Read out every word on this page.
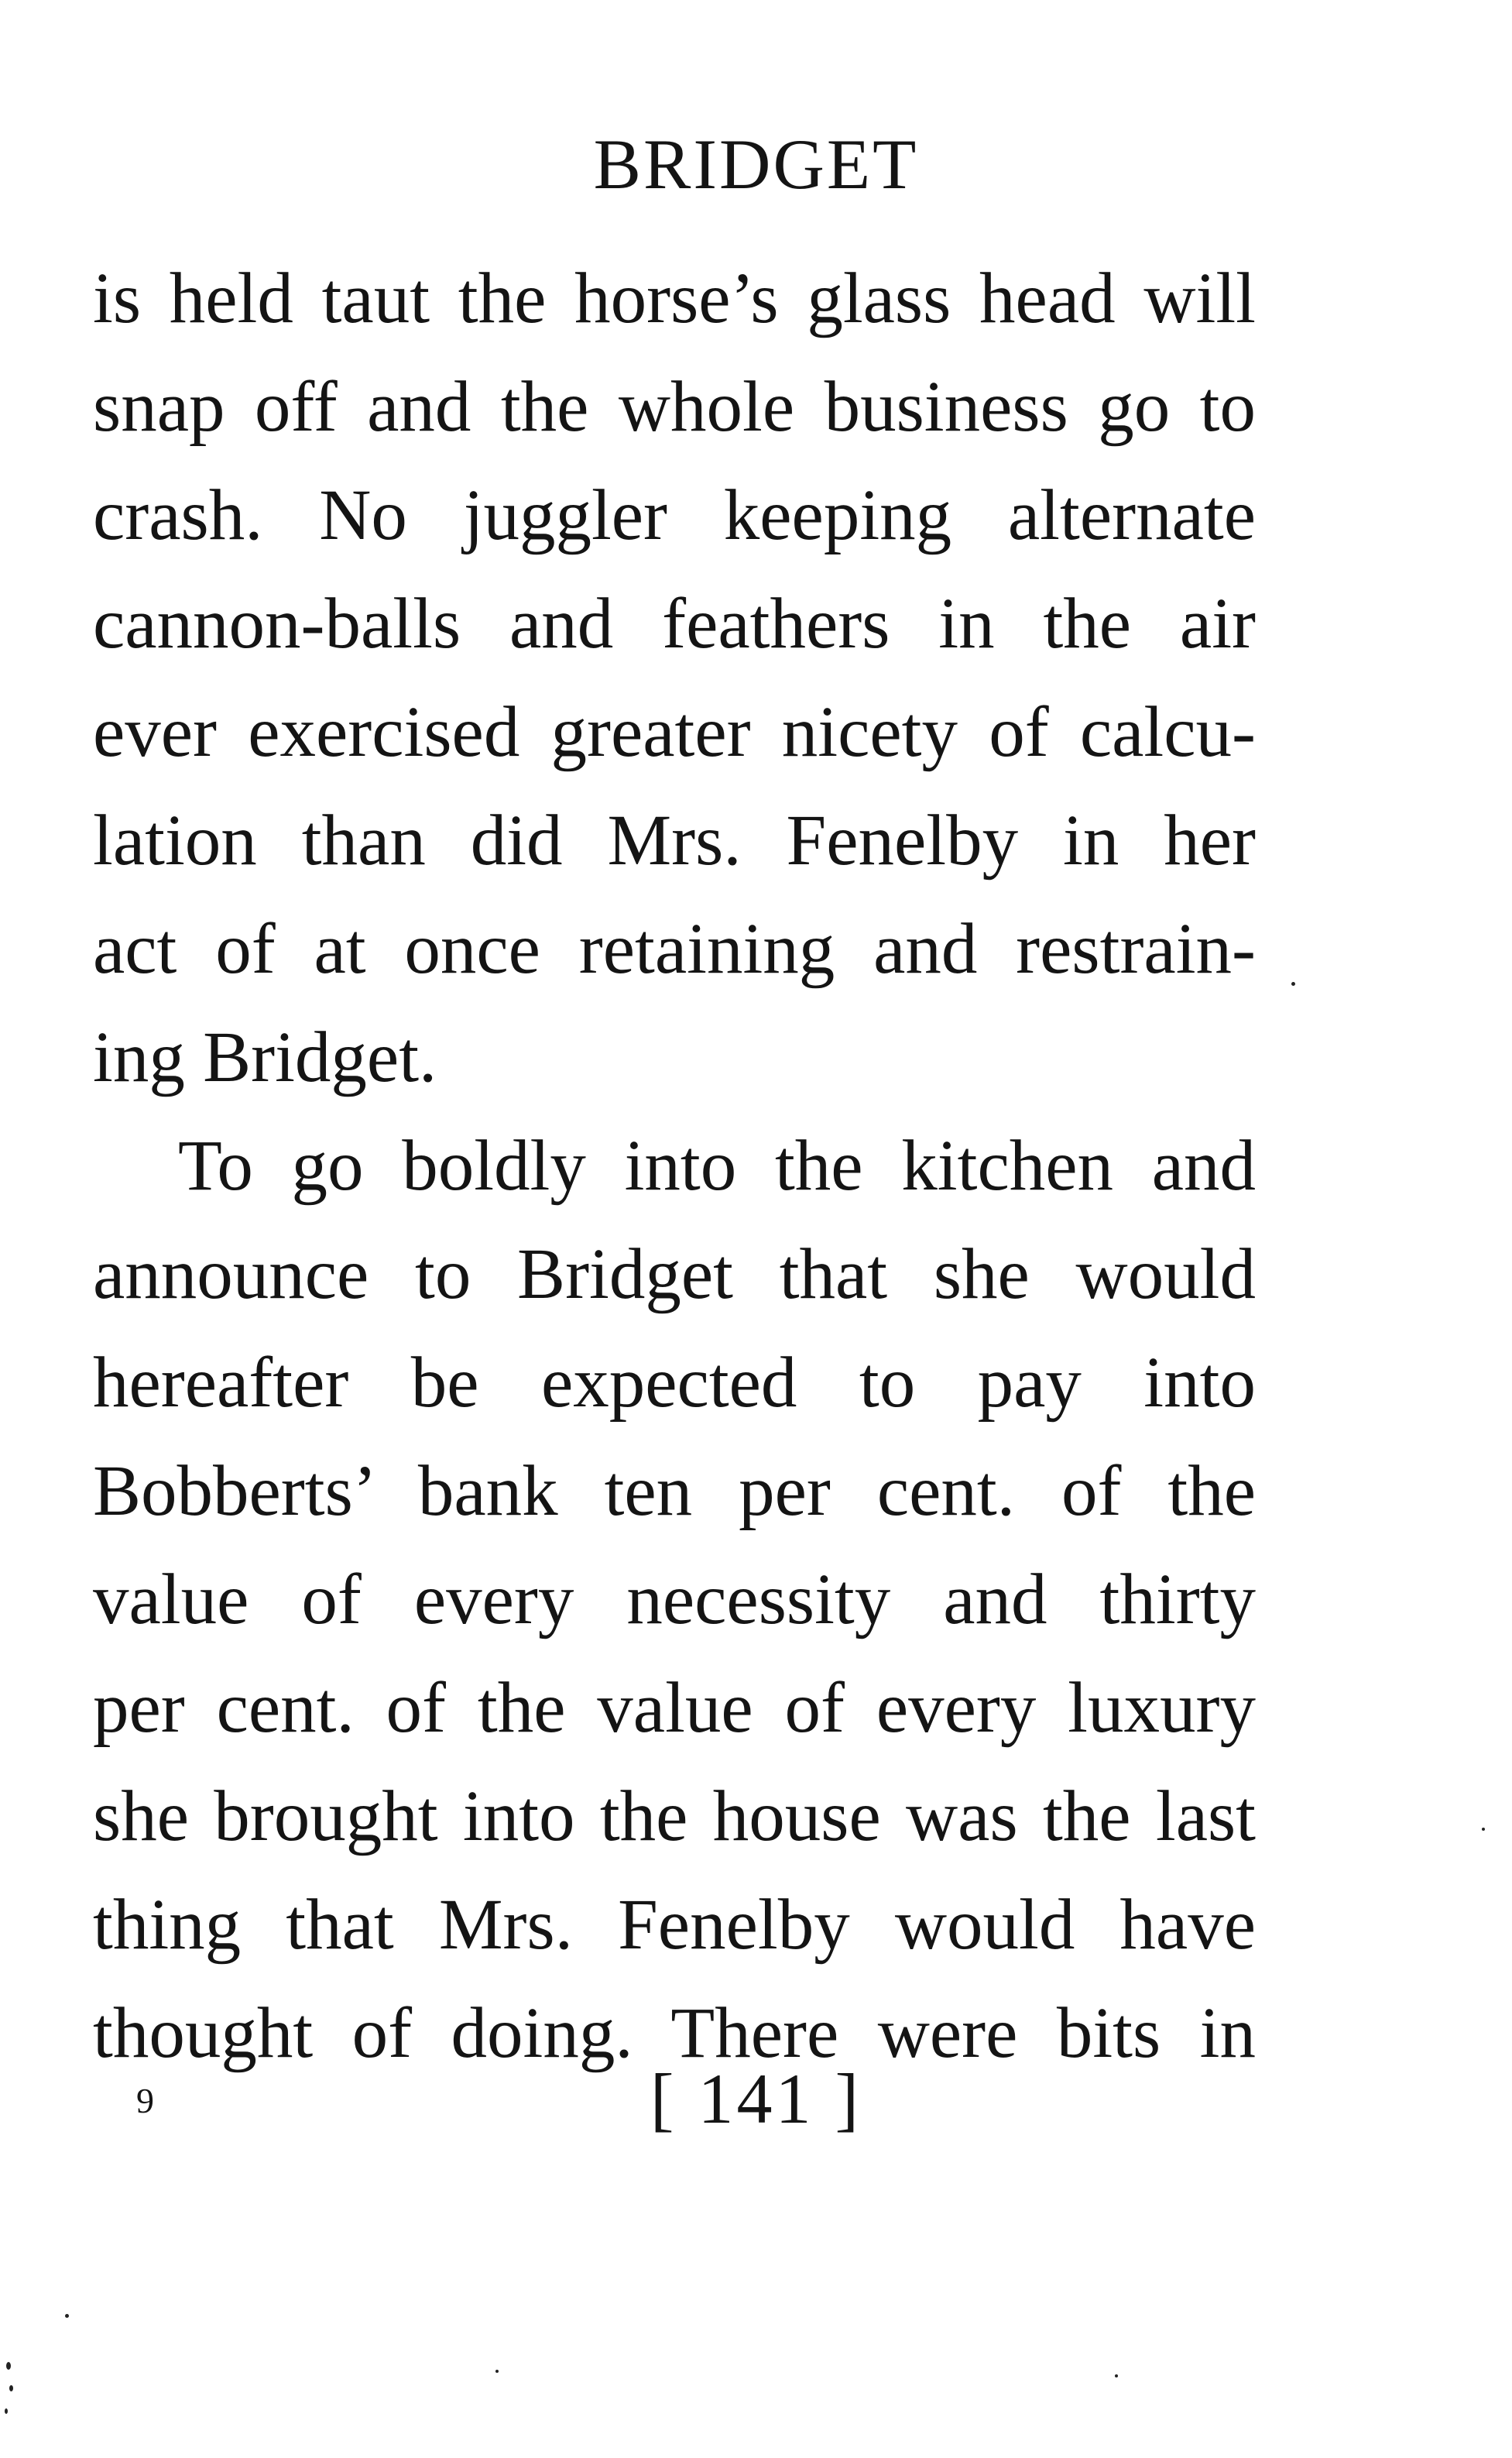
BRIDGET
is held taut the horse’s glass head will
snap off and the whole business go to
crash. No juggler keeping alternate
cannon-balls and feathers in the air
ever exercised greater nicety of calcu-
lation than did Mrs. Fenelby in her
act of at once retaining and restrain-
ing Bridget.
To go boldly into the kitchen and
announce to Bridget that she would
hereafter be expected to pay into
Bobberts’ bank ten per cent. of the
value of every necessity and thirty
per cent. of the value of every luxury
she brought into the house was the last
thing that Mrs. Fenelby would have
thought of doing. There were bits in
9	[ 141 ]
